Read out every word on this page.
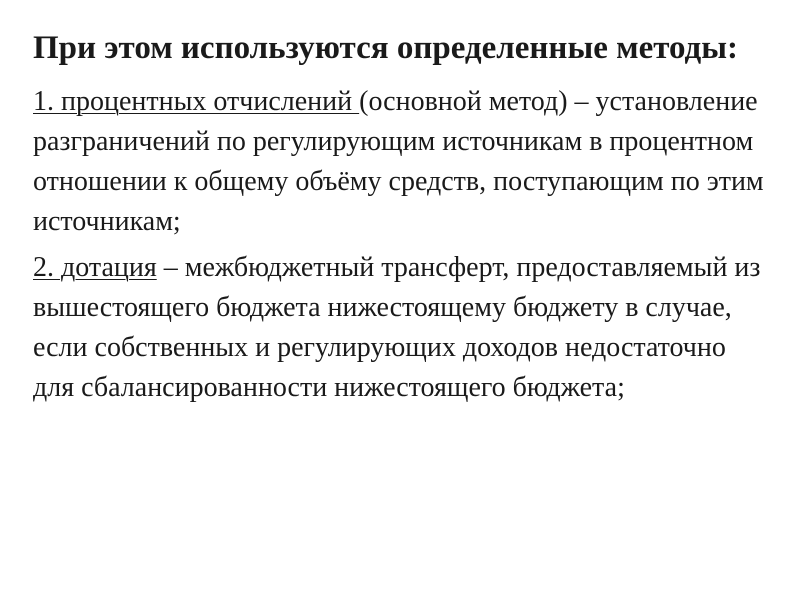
При этом используются определенные методы:
1. процентных отчислений (основной метод) – установление разграничений по регулирующим источникам в процентном отношении к общему объёму средств, поступающим по этим источникам;
2. дотация – межбюджетный трансферт, предоставляемый из вышестоящего бюджета нижестоящему бюджету в случае, если собственных и регулирующих доходов недостаточно для сбалансированности нижестоящего бюджета;
